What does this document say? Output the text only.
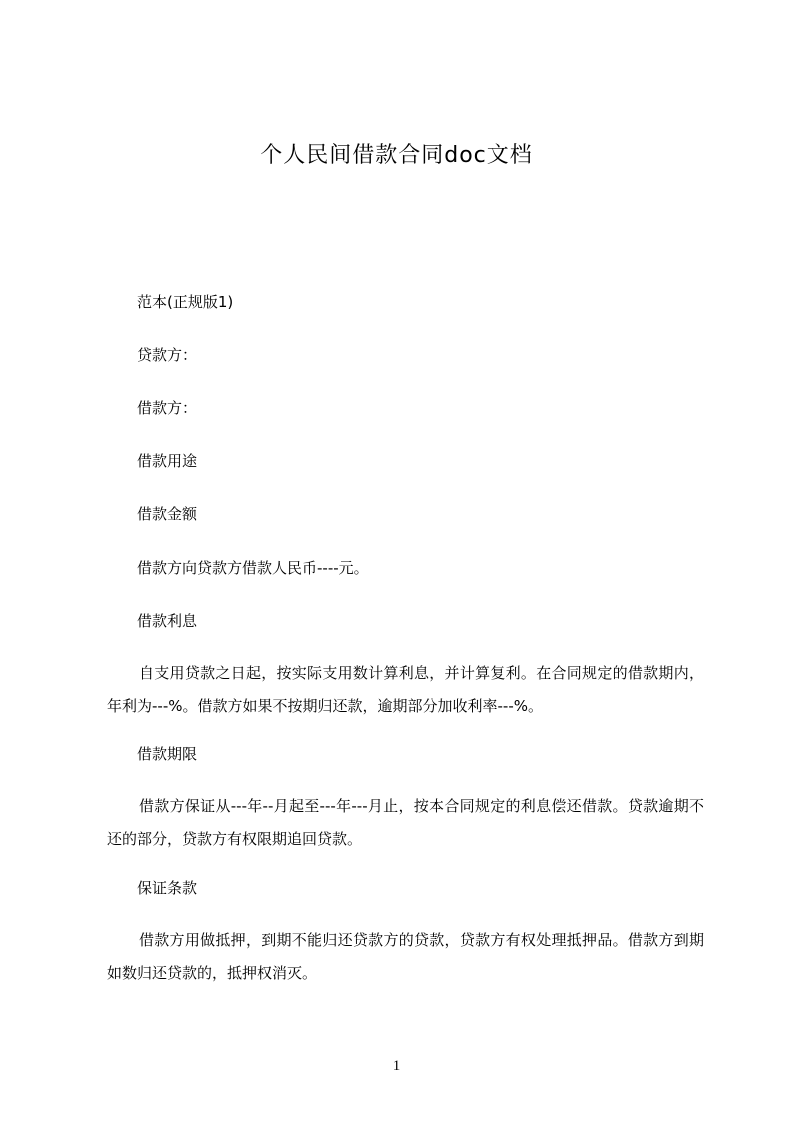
个人民间借款合同doc文档
范本(正规版1)
贷款方：
借款方：
借款用途
借款金额
借款方向贷款方借款人民币----元。
借款利息
自支用贷款之日起，按实际支用数计算利息，并计算复利。在合同规定的借款期内，年利为---%。借款方如果不按期归还款，逾期部分加收利率---%。
借款期限
借款方保证从---年--月起至---年---月止，按本合同规定的利息偿还借款。贷款逾期不还的部分，贷款方有权限期追回贷款。
保证条款
借款方用做抵押，到期不能归还贷款方的贷款，贷款方有权处理抵押品。借款方到期如数归还贷款的，抵押权消灭。
1
